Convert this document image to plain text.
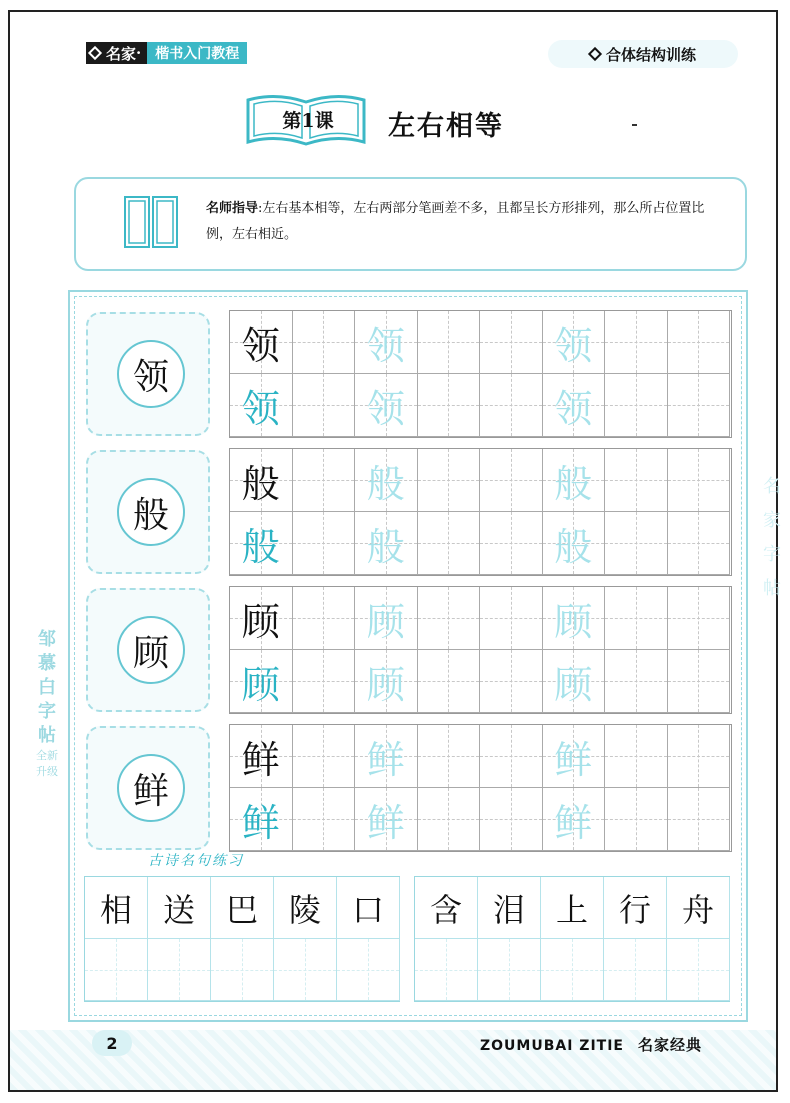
名家 ·	楷书入门教程	合体结构训练
第1课	左右相等
名师指导:左右基本相等，左右两部分笔画差不多，且都呈长方形排列，那么所占位置比例，左右相近。
领
领 领	领
领 领	领
般
般 般	般
般 般	般
顾
顾 顾	顾
顾 顾	顾
鲜
鲜 鲜	鲜
鲜 鲜	鲜
古诗名句练习
相 送 巴 陵 口	含 泪 上 行 舟
邹
慕
白
字
帖
全新升级
名
家
字
帖
2	ZOUMUBAI ZITIE 名家经典
